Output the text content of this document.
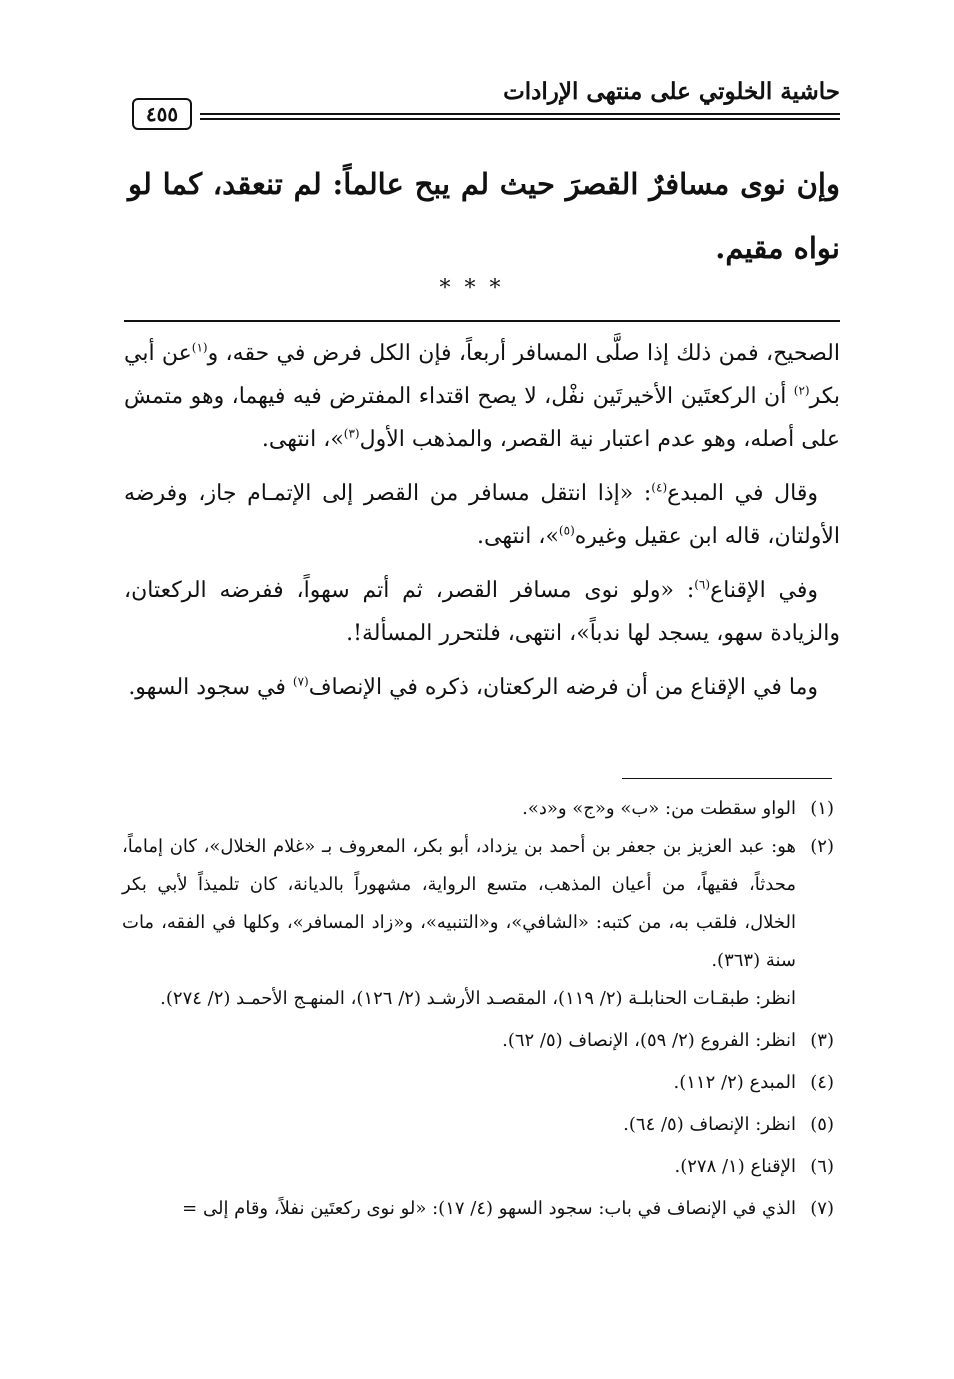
حاشية الخلوتي على منتهى الإرادات
٤٥٥
وإن نوى مسافرٌ القصرَ حيث لم يبح عالماً: لم تنعقد، كما لو نواه مقيم.
***

الصحيح، فمن ذلك إذا صلَّى المسافر أربعاً، فإن الكل فرض في حقه، و$^{(١)}$عن أبي بكر$^{(٢)}$ أن الركعتَين الأخيرتَين نفْل، لا يصح اقتداء المفترض فيه فيهما، وهو متمش على أصله، وهو عدم اعتبار نية القصر، والمذهب الأول$^{(٣)}$»، انتهى.

وقال في المبدع$^{(٤)}$: «إذا انتقل مسافر من القصر إلى الإتمـام جاز، وفرضه الأولتان، قاله ابن عقيل وغيره$^{(٥)}$»، انتهى.

وفي الإقناع$^{(٦)}$: «ولو نوى مسافر القصر، ثم أتم سهواً، ففرضه الركعتان، والزيادة سهو، يسجد لها ندباً»، انتهى، فلتحرر المسألة!.

وما في الإقناع من أن فرضه الركعتان، ذكره في الإنصاف$^{(٧)}$ في سجود السهو.

(١)
الواو سقطت من: «ب» و«ج» و«د».
(٢)
هو: عبد العزيز بن جعفر بن أحمد بن يزداد، أبو بكر، المعروف بـ «غلام الخلال»، كان إماماً، محدثاً، فقيهاً، من أعيان المذهب، متسع الرواية، مشهوراً بالديانة، كان تلميذاً لأبي بكر الخلال، فلقب به، من كتبه: «الشافي»، و«التنبيه»، و«زاد المسافر»، وكلها في الفقه، مات سنة (٣٦٣).
انظر: طبقـات الحنابلـة (٢/ ١١٩)، المقصـد الأرشـد (٢/ ١٢٦)، المنهـج الأحمـد (٢/ ٢٧٤).
(٣)
انظر: الفروع (٢/ ٥٩)، الإنصاف (٥/ ٦٢).
(٤)
المبدع (٢/ ١١٢).
(٥)
انظر: الإنصاف (٥/ ٦٤).
(٦)
الإقناع (١/ ٢٧٨).
(٧)
الذي في الإنصاف في باب: سجود السهو (٤/ ١٧): «لو نوى ركعتَين نفلاً، وقام إلى =
